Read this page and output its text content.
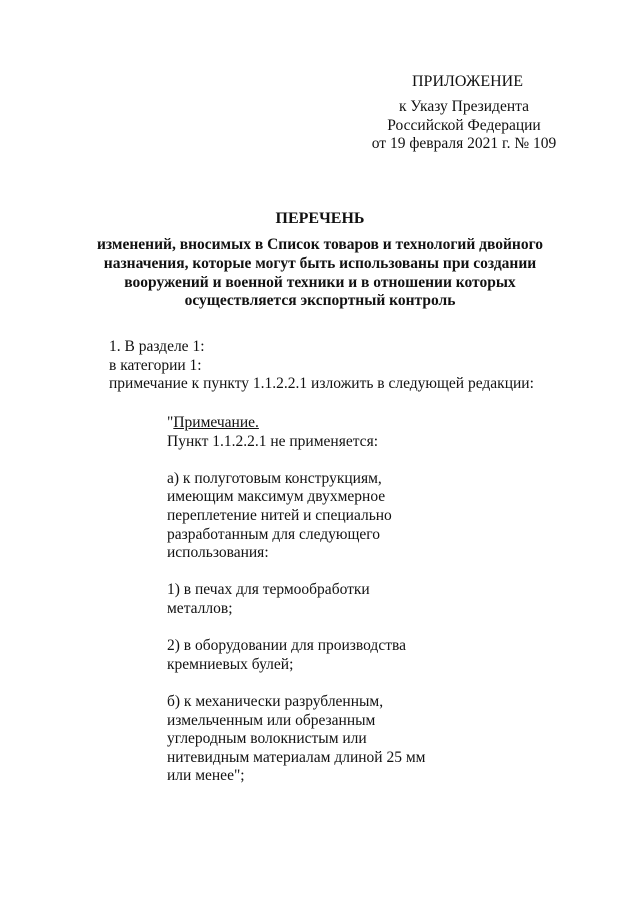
ПРИЛОЖЕНИЕ
к Указу Президента
Российской Федерации
от 19 февраля 2021 г. № 109
ПЕРЕЧЕНЬ
изменений, вносимых в Список товаров и технологий двойного
назначения, которые могут быть использованы при создании
вооружений и военной техники и в отношении которых
осуществляется экспортный контроль
1. В разделе 1:
в категории 1:
примечание к пункту 1.1.2.2.1 изложить в следующей редакции:
"Примечание.
Пункт 1.1.2.2.1 не применяется:
а) к полуготовым конструкциям,
имеющим максимум двухмерное
переплетение нитей и специально
разработанным для следующего
использования:
1) в печах для термообработки
металлов;
2) в оборудовании для производства
кремниевых булей;
б) к механически разрубленным,
измельченным или обрезанным
углеродным волокнистым или
нитевидным материалам длиной 25 мм
или менее";
